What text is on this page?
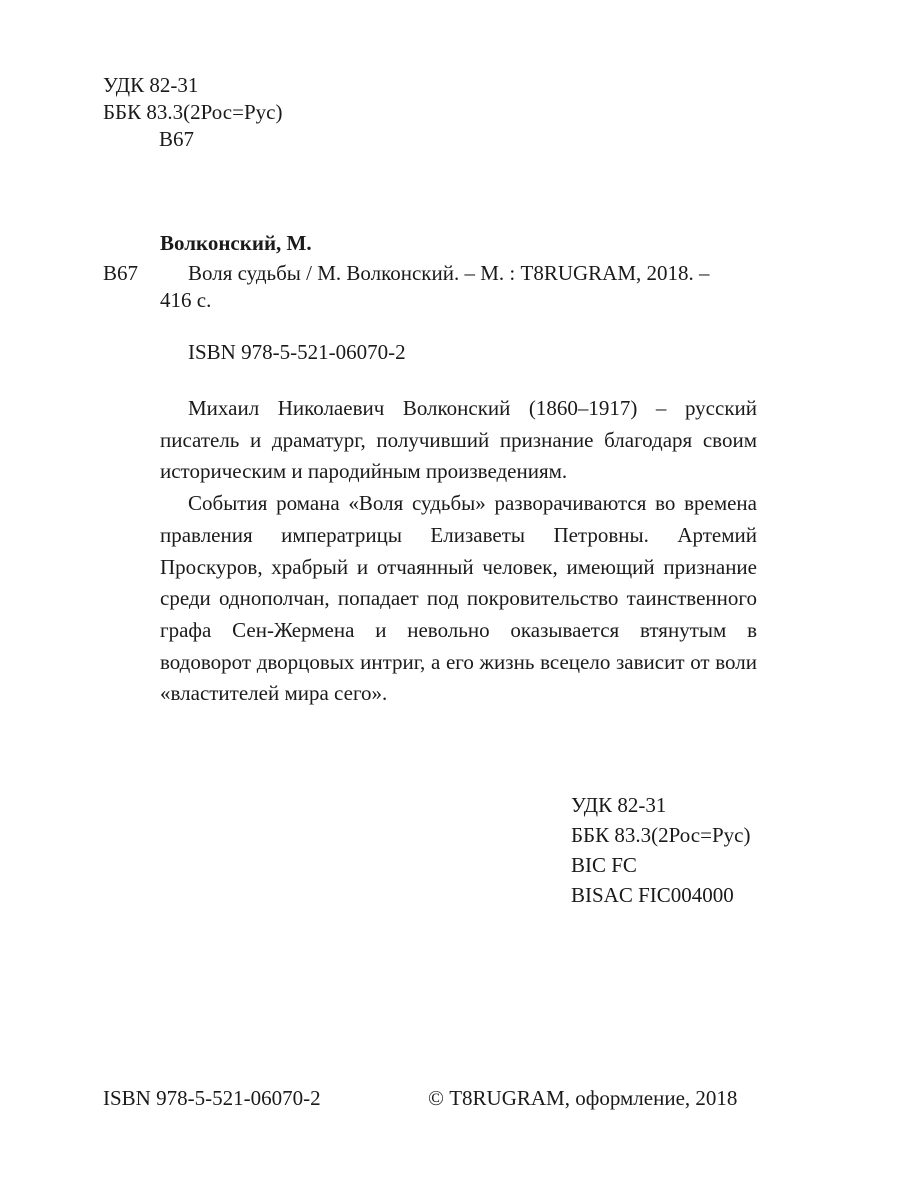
УДК 82-31
ББК 83.3(2Рос=Рус)
В67
Волконский, М.
В67 Воля судьбы / М. Волконский. – М. : Т8RUGRAM, 2018. –
416 с.
ISBN 978-5-521-06070-2

Михаил Николаевич Волконский (1860–1917) – русский писатель и драматург, получивший признание благодаря своим историческим и пародийным произведениям.

События романа «Воля судьбы» разворачиваются во времена правления императрицы Елизаветы Петровны. Артемий Проскуров, храбрый и отчаянный человек, имеющий признание среди однополчан, попадает под покровительство таинственного графа Сен-Жермена и невольно оказывается втянутым в водоворот дворцовых интриг, а его жизнь всецело зависит от воли «властителей мира сего».

УДК 82-31
ББК 83.3(2Рос=Рус)
BIC FC
BISAC FIC004000
ISBN 978-5-521-06070-2	© Т8RUGRAM, оформление, 2018
